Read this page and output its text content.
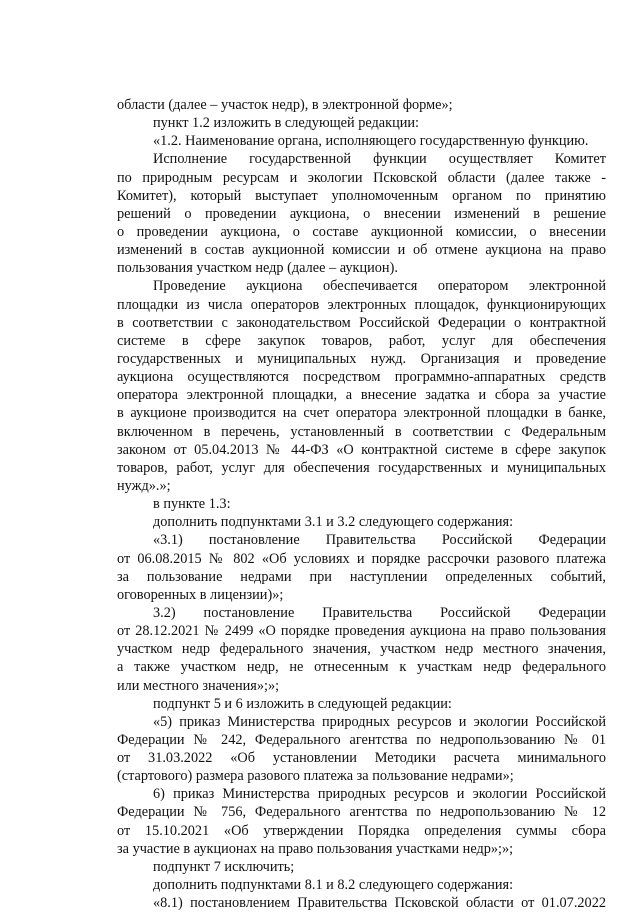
области (далее – участок недр), в электронной форме»;
пункт 1.2 изложить в следующей редакции:
«1.2. Наименование органа, исполняющего государственную функцию.
Исполнение государственной функции осуществляет Комитет
по природным ресурсам и экологии Псковской области (далее также -
Комитет), который выступает уполномоченным органом по принятию
решений о проведении аукциона, о внесении изменений в решение
о проведении аукциона, о составе аукционной комиссии, о внесении
изменений в состав аукционной комиссии и об отмене аукциона на право
пользования участком недр (далее – аукцион).
Проведение аукциона обеспечивается оператором электронной
площадки из числа операторов электронных площадок, функционирующих
в соответствии с законодательством Российской Федерации о контрактной
системе в сфере закупок товаров, работ, услуг для обеспечения
государственных и муниципальных нужд. Организация и проведение
аукциона осуществляются посредством программно-аппаратных средств
оператора электронной площадки, а внесение задатка и сбора за участие
в аукционе производится на счет оператора электронной площадки в банке,
включенном в перечень, установленный в соответствии с Федеральным
законом от 05.04.2013 № 44-ФЗ «О контрактной системе в сфере закупок
товаров, работ, услуг для обеспечения государственных и муниципальных
нужд».»;
в пункте 1.3:
дополнить подпунктами 3.1 и 3.2 следующего содержания:
«3.1) постановление Правительства Российской Федерации
от 06.08.2015 № 802 «Об условиях и порядке рассрочки разового платежа
за пользование недрами при наступлении определенных событий,
оговоренных в лицензии)»;
3.2) постановление Правительства Российской Федерации
от 28.12.2021 № 2499 «О порядке проведения аукциона на право пользования
участком недр федерального значения, участком недр местного значения,
а также участком недр, не отнесенным к участкам недр федерального
или местного значения»;»;
подпункт 5 и 6 изложить в следующей редакции:
«5) приказ Министерства природных ресурсов и экологии Российской
Федерации № 242, Федерального агентства по недропользованию № 01
от 31.03.2022 «Об установлении Методики расчета минимального
(стартового) размера разового платежа за пользование недрами»;
6) приказ Министерства природных ресурсов и экологии Российской
Федерации № 756, Федерального агентства по недропользованию № 12
от 15.10.2021 «Об утверждении Порядка определения суммы сбора
за участие в аукционах на право пользования участками недр»;»;
подпункт 7 исключить;
дополнить подпунктами 8.1 и 8.2 следующего содержания:
«8.1) постановлением Правительства Псковской области от 01.07.2022
